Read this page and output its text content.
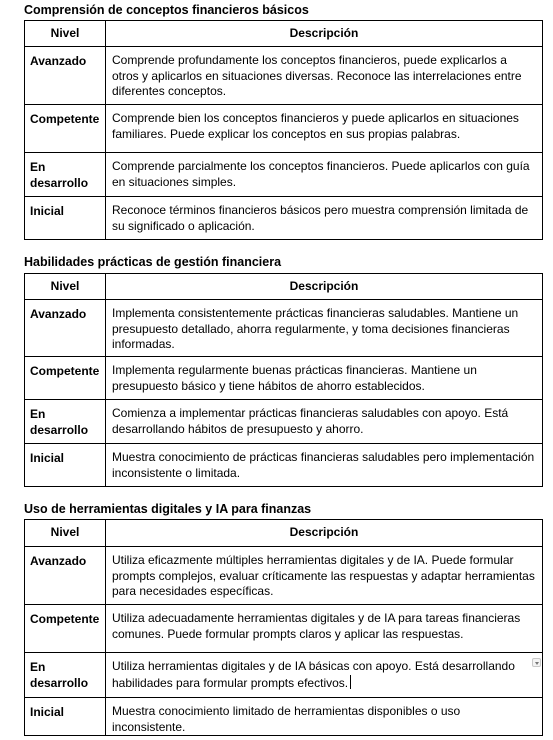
Comprensión de conceptos financieros básicos
Nivel	Descripción
Avanzado	Comprende profundamente los conceptos financieros, puede explicarlos a otros y aplicarlos en situaciones diversas. Reconoce las interrelaciones entre diferentes conceptos.
Competente	Comprende bien los conceptos financieros y puede aplicarlos en situaciones familiares. Puede explicar los conceptos en sus propias palabras.
En desarrollo	Comprende parcialmente los conceptos financieros. Puede aplicarlos con guía en situaciones simples.
Inicial	Reconoce términos financieros básicos pero muestra comprensión limitada de su significado o aplicación.
Habilidades prácticas de gestión financiera
Nivel	Descripción
Avanzado	Implementa consistentemente prácticas financieras saludables. Mantiene un presupuesto detallado, ahorra regularmente, y toma decisiones financieras informadas.
Competente	Implementa regularmente buenas prácticas financieras. Mantiene un presupuesto básico y tiene hábitos de ahorro establecidos.
En desarrollo	Comienza a implementar prácticas financieras saludables con apoyo. Está desarrollando hábitos de presupuesto y ahorro.
Inicial	Muestra conocimiento de prácticas financieras saludables pero implementación inconsistente o limitada.
Uso de herramientas digitales y IA para finanzas
Nivel	Descripción
Avanzado	Utiliza eficazmente múltiples herramientas digitales y de IA. Puede formular prompts complejos, evaluar críticamente las respuestas y adaptar herramientas para necesidades específicas.
Competente	Utiliza adecuadamente herramientas digitales y de IA para tareas financieras comunes. Puede formular prompts claros y aplicar las respuestas.
En desarrollo	Utiliza herramientas digitales y de IA básicas con apoyo. Está desarrollando habilidades para formular prompts efectivos.
Inicial	Muestra conocimiento limitado de herramientas disponibles o uso inconsistente.
